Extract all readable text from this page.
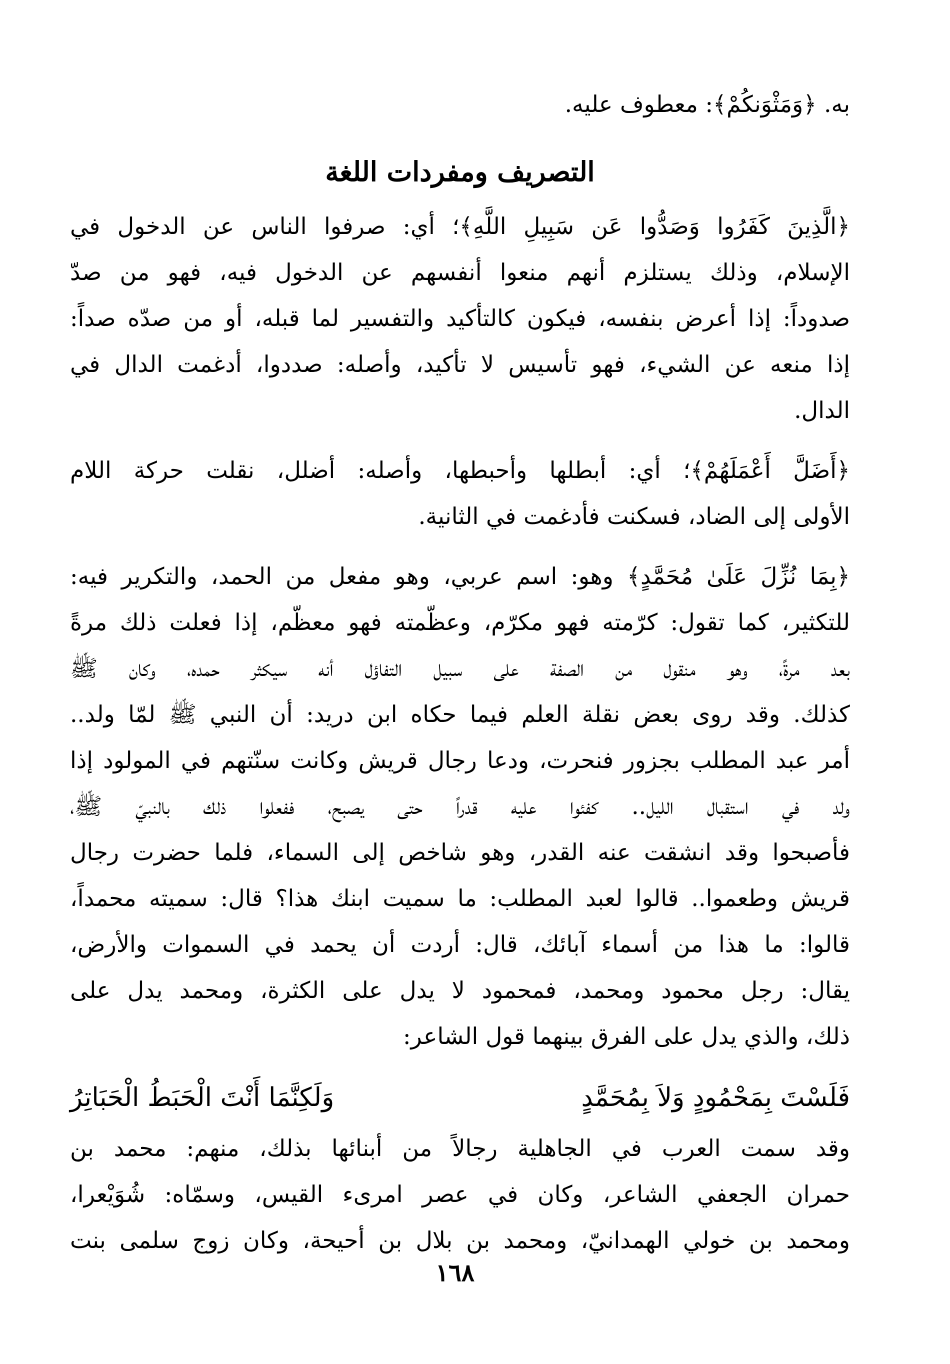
به. ﴿وَمَثْوَنكُمْ﴾: معطوف عليه.
التصريف ومفردات اللغة
﴿الَّذِينَ كَفَرُوا وَصَدُّوا عَن سَبِيلِ اللَّهِ﴾؛ أي: صرفوا الناس عن الدخول في
الإسلام، وذلك يستلزم أنهم منعوا أنفسهم عن الدخول فيه، فهو من صدّ
صدوداً: إذا أعرض بنفسه، فيكون كالتأكيد والتفسير لما قبله، أو من صدّه صداً:
إذا منعه عن الشيء، فهو تأسيس لا تأكيد، وأصله: صددوا، أدغمت الدال في
الدال.
﴿أَضَلَّ أَعْمَلَهُمْ﴾؛ أي: أبطلها وأحبطها، وأصله: أضلل، نقلت حركة اللام
الأولى إلى الضاد، فسكنت فأدغمت في الثانية.
﴿بِمَا نُزِّلَ عَلَىٰ مُحَمَّدٍ﴾ وهو: اسم عربي، وهو مفعل من الحمد، والتكرير فيه:
للتكثير، كما تقول: كرّمته فهو مكرّم، وعظّمته فهو معظّم، إذا فعلت ذلك مرةً
بعد مرةً، وهو منقول من الصفة على سبيل التفاؤل أنه سيكثر حمده، وكان ﷺ
كذلك. وقد روى بعض نقلة العلم فيما حكاه ابن دريد: أن النبي ﷺ لمّا ولد..
أمر عبد المطلب بجزور فنحرت، ودعا رجال قريش وكانت سنّتهم في المولود إذا
ولد في استقبال الليل.. كفئوا عليه قدراً حتى يصبح، ففعلوا ذلك بالنبيّ ﷺ،
فأصبحوا وقد انشقت عنه القدر، وهو شاخص إلى السماء، فلما حضرت رجال
قريش وطعموا.. قالوا لعبد المطلب: ما سميت ابنك هذا؟ قال: سميته محمداً،
قالوا: ما هذا من أسماء آبائك، قال: أردت أن يحمد في السموات والأرض،
يقال: رجل محمود ومحمد، فمحمود لا يدل على الكثرة، ومحمد يدل على
ذلك، والذي يدل على الفرق بينهما قول الشاعر:
فَلَسْتَ بِمَحْمُودٍ وَلاَ بِمُحَمَّدٍ
وَلَكِنَّمَا أَنْتَ الْحَبَطُ الْحَبَاتِرُ
وقد سمت العرب في الجاهلية رجالاً من أبنائها بذلك، منهم: محمد بن
حمران الجعفي الشاعر، وكان في عصر امرىء القيس، وسمّاه: شُوَيْعرا،
ومحمد بن خولي الهمدانيّ، ومحمد بن بلال بن أحيحة، وكان زوج سلمى بنت
١٦٨
